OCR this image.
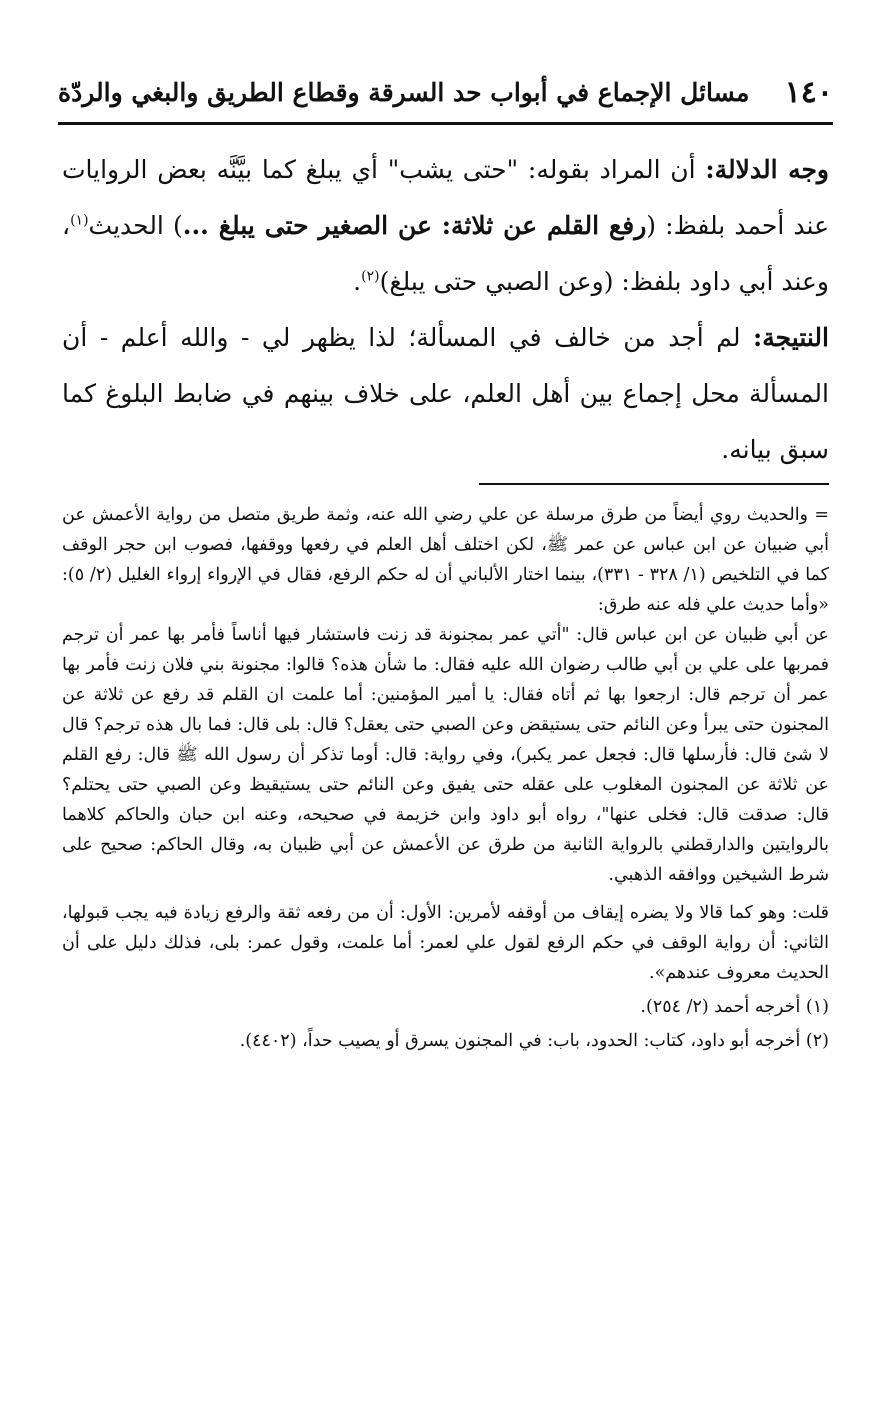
١٤٠
مسائل الإجماع في أبواب حد السرقة وقطاع الطريق والبغي والردّة

وجه الدلالة: أن المراد بقوله: "حتى يشب" أي يبلغ كما بيَّنَّه بعض الروايات عند أحمد بلفظ: (رفع القلم عن ثلاثة: عن الصغير حتى يبلغ ...) الحديث$^{(١)}$، وعند أبي داود بلفظ: (وعن الصبي حتى يبلغ)$^{(٢)}$.

النتيجة: لم أجد من خالف في المسألة؛ لذا يظهر لي - والله أعلم - أن المسألة محل إجماع بين أهل العلم، على خلاف بينهم في ضابط البلوغ كما سبق بيانه.

= والحديث روي أيضاً من طرق مرسلة عن علي رضي الله عنه، وثمة طريق متصل من رواية الأعمش عن أبي ضبيان عن ابن عباس عن عمر ﷺ، لكن اختلف أهل العلم في رفعها ووقفها، فصوب ابن حجر الوقف كما في التلخيص (١/ ٣٢٨ - ٣٣١)، بينما اختار الألباني أن له حكم الرفع، فقال في الإرواء إرواء الغليل (٢/ ٥): «وأما حديث علي فله عنه طرق:

عن أبي ظبيان عن ابن عباس قال: "أتي عمر بمجنونة قد زنت فاستشار فيها أناساً فأمر بها عمر أن ترجم فمربها على علي بن أبي طالب رضوان الله عليه فقال: ما شأن هذه؟ قالوا: مجنونة بني فلان زنت فأمر بها عمر أن ترجم قال: ارجعوا بها ثم أتاه فقال: يا أمير المؤمنين: أما علمت ان القلم قد رفع عن ثلاثة عن المجنون حتى يبرأ وعن النائم حتى يستيقض وعن الصبي حتى يعقل؟ قال: بلى قال: فما بال هذه ترجم؟ قال لا شئ قال: فأرسلها قال: فجعل عمر يكبر)، وفي رواية: قال: أوما تذكر أن رسول الله ﷺ قال: رفع القلم عن ثلاثة عن المجنون المغلوب على عقله حتى يفيق وعن النائم حتى يستيقيظ وعن الصبي حتى يحتلم؟ قال: صدقت قال: فخلى عنها"، رواه أبو داود وابن خزيمة في صحيحه، وعنه ابن حبان والحاكم كلاهما بالروايتين والدارقطني بالرواية الثانية من طرق عن الأعمش عن أبي ظبيان به، وقال الحاكم: صحيح على شرط الشيخين ووافقه الذهبي.

قلت: وهو كما قالا ولا يضره إيقاف من أوقفه لأمرين: الأول: أن من رفعه ثقة والرفع زيادة فيه يجب قبولها، الثاني: أن رواية الوقف في حكم الرفع لقول علي لعمر: أما علمت، وقول عمر: بلى، فذلك دليل على أن الحديث معروف عندهم».

(١) أخرجه أحمد (٢/ ٢٥٤).

(٢) أخرجه أبو داود، كتاب: الحدود، باب: في المجنون يسرق أو يصيب حداً، (٤٤٠٢).
